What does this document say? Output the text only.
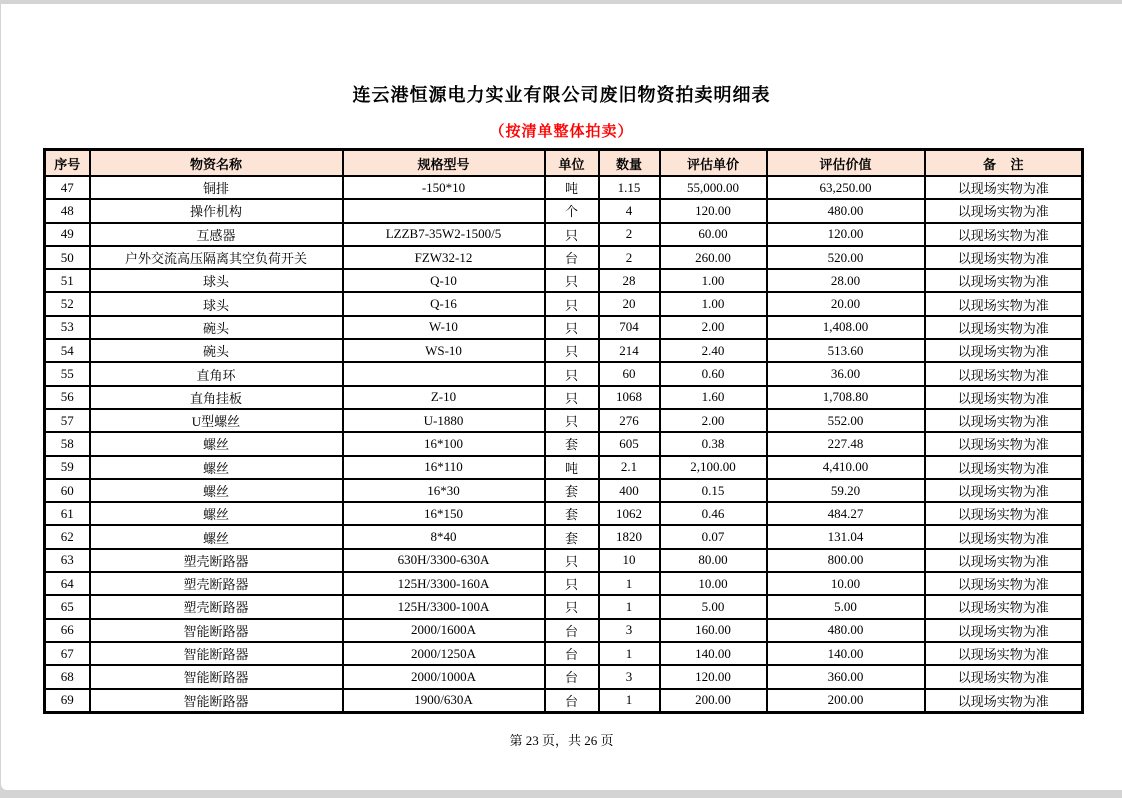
连云港恒源电力实业有限公司废旧物资拍卖明细表
（按清单整体拍卖）
序号	物资名称	规格型号	单位	数量	评估单价	评估价值	备    注
47	铜排	-150*10	吨	1.15	55,000.00	63,250.00	以现场实物为准
48	操作机构		个	4	120.00	480.00	以现场实物为准
49	互感器	LZZB7-35W2-1500/5	只	2	60.00	120.00	以现场实物为准
50	户外交流高压隔离其空负荷开关	FZW32-12	台	2	260.00	520.00	以现场实物为准
51	球头	Q-10	只	28	1.00	28.00	以现场实物为准
52	球头	Q-16	只	20	1.00	20.00	以现场实物为准
53	碗头	W-10	只	704	2.00	1,408.00	以现场实物为准
54	碗头	WS-10	只	214	2.40	513.60	以现场实物为准
55	直角环		只	60	0.60	36.00	以现场实物为准
56	直角挂板	Z-10	只	1068	1.60	1,708.80	以现场实物为准
57	U型螺丝	U-1880	只	276	2.00	552.00	以现场实物为准
58	螺丝	16*100	套	605	0.38	227.48	以现场实物为准
59	螺丝	16*110	吨	2.1	2,100.00	4,410.00	以现场实物为准
60	螺丝	16*30	套	400	0.15	59.20	以现场实物为准
61	螺丝	16*150	套	1062	0.46	484.27	以现场实物为准
62	螺丝	8*40	套	1820	0.07	131.04	以现场实物为准
63	塑壳断路器	630H/3300-630A	只	10	80.00	800.00	以现场实物为准
64	塑壳断路器	125H/3300-160A	只	1	10.00	10.00	以现场实物为准
65	塑壳断路器	125H/3300-100A	只	1	5.00	5.00	以现场实物为准
66	智能断路器	2000/1600A	台	3	160.00	480.00	以现场实物为准
67	智能断路器	2000/1250A	台	1	140.00	140.00	以现场实物为准
68	智能断路器	2000/1000A	台	3	120.00	360.00	以现场实物为准
69	智能断路器	1900/630A	台	1	200.00	200.00	以现场实物为准
第 23 页，共 26 页
